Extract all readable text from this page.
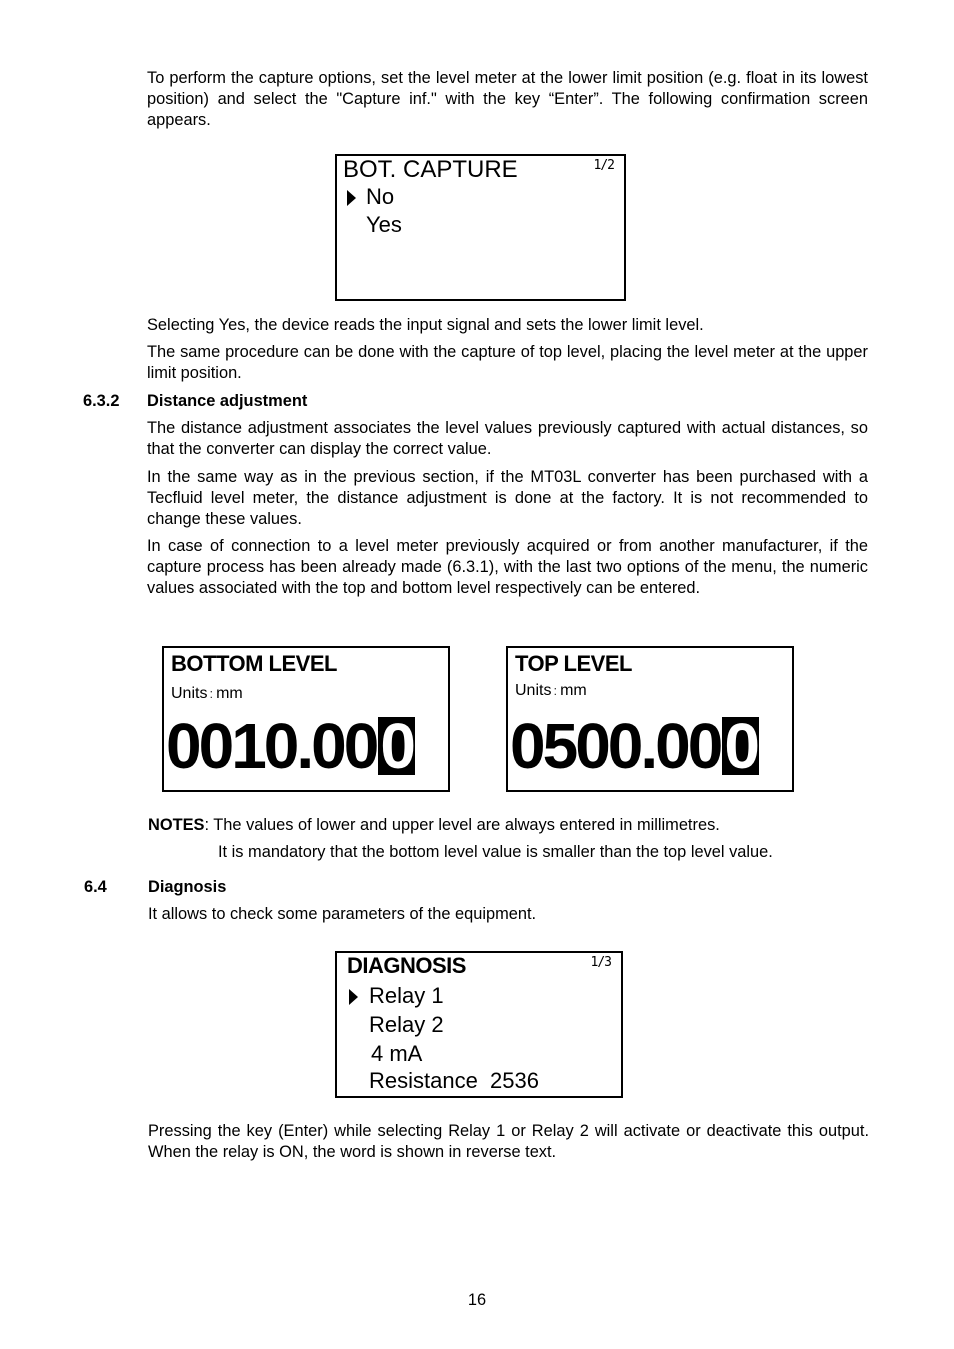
To perform the capture options, set the level meter at the lower limit position (e.g. float in its lowest position) and select the "Capture inf." with the key “Enter”. The following confirmation screen appears.

BOT. CAPTURE	1/2
No
Yes

Selecting Yes, the device reads the input signal and sets the lower limit level.

The same procedure can be done with the capture of top level, placing the level meter at the upper limit position.

6.3.2 Distance adjustment

The distance adjustment associates the level values previously captured with actual distances, so that the converter can display the correct value.

In the same way as in the previous section, if the MT03L converter has been purchased with a Tecfluid level meter, the distance adjustment is done at the factory. It is not recommended to change these values.

In case of connection to a level meter previously acquired or from another manufacturer, if the capture process has been already made (6.3.1), with the last two options of the menu, the numeric values associated with the top and bottom level respectively can be entered.

BOTTOM LEVEL
Units : mm
0010.000
TOP LEVEL
Units : mm
0500.000

NOTES: The values of lower and upper level are always entered in millimetres.

It is mandatory that the bottom level value is smaller than the top level value.

6.4	Diagnosis

It allows to check some parameters of the equipment.

DIAGNOSIS	1/3
Relay 1
Relay 2
4 mA
Resistance  2536

Pressing the key (Enter) while selecting Relay 1 or Relay 2 will activate or deactivate this output. When the relay is ON, the word is shown in reverse text.

16
